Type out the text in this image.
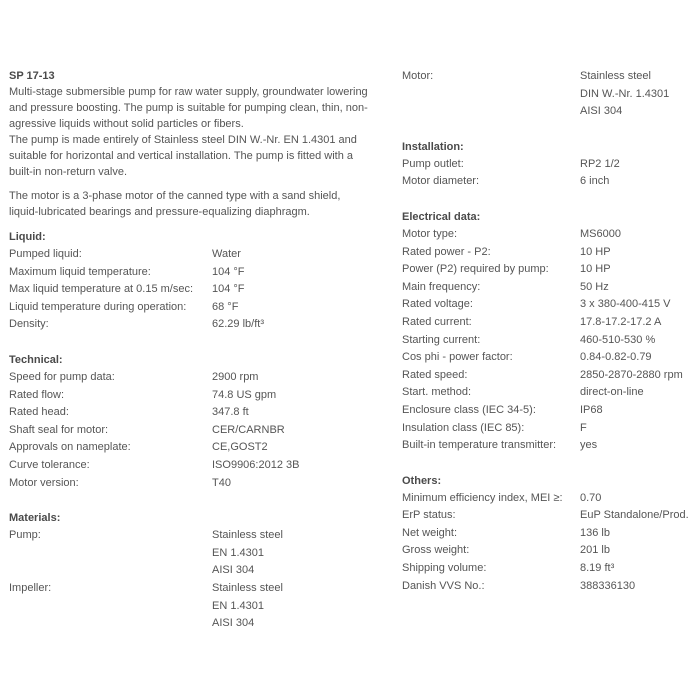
SP 17-13

Multi-stage submersible pump for raw water supply, groundwater lowering

and pressure boosting. The pump is suitable for pumping clean, thin, non-

agressive liquids without solid particles or fibers.

The pump is made entirely of Stainless steel DIN W.-Nr. EN 1.4301 and

suitable for horizontal and vertical installation. The pump is fitted with a

built-in non-return valve.

The motor is a 3-phase motor of the canned type with a sand shield,

liquid-lubricated bearings and pressure-equalizing diaphragm.

Liquid:
Pumped liquid:	Water
Maximum liquid temperature:	104 °F
Max liquid temperature at 0.15 m/sec:	104 °F
Liquid temperature during operation:	68 °F
Density:	62.29 lb/ft³
Technical:
Speed for pump data:	2900 rpm
Rated flow:	74.8 US gpm
Rated head:	347.8 ft
Shaft seal for motor:	CER/CARNBR
Approvals on nameplate:	CE,GOST2
Curve tolerance:	ISO9906:2012 3B
Motor version:	T40
Materials:
Pump:	Stainless steel
EN 1.4301
AISI 304
Impeller:	Stainless steel
EN 1.4301
AISI 304
Motor:	Stainless steel
DIN W.-Nr. 1.4301
AISI 304
Installation:
Pump outlet:	RP2 1/2
Motor diameter:	6 inch
Electrical data:
Motor type:	MS6000
Rated power - P2:	10 HP
Power (P2) required by pump:	10 HP
Main frequency:	50 Hz
Rated voltage:	3 x 380-400-415 V
Rated current:	17.8-17.2-17.2 A
Starting current:	460-510-530 %
Cos phi - power factor:	0.84-0.82-0.79
Rated speed:	2850-2870-2880 rpm
Start. method:	direct-on-line
Enclosure class (IEC 34-5):	IP68
Insulation class (IEC 85):	F
Built-in temperature transmitter:	yes
Others:
Minimum efficiency index, MEI ≥:	0.70
ErP status:	EuP Standalone/Prod.
Net weight:	136 lb
Gross weight:	201 lb
Shipping volume:	8.19 ft³
Danish VVS No.:	388336130
